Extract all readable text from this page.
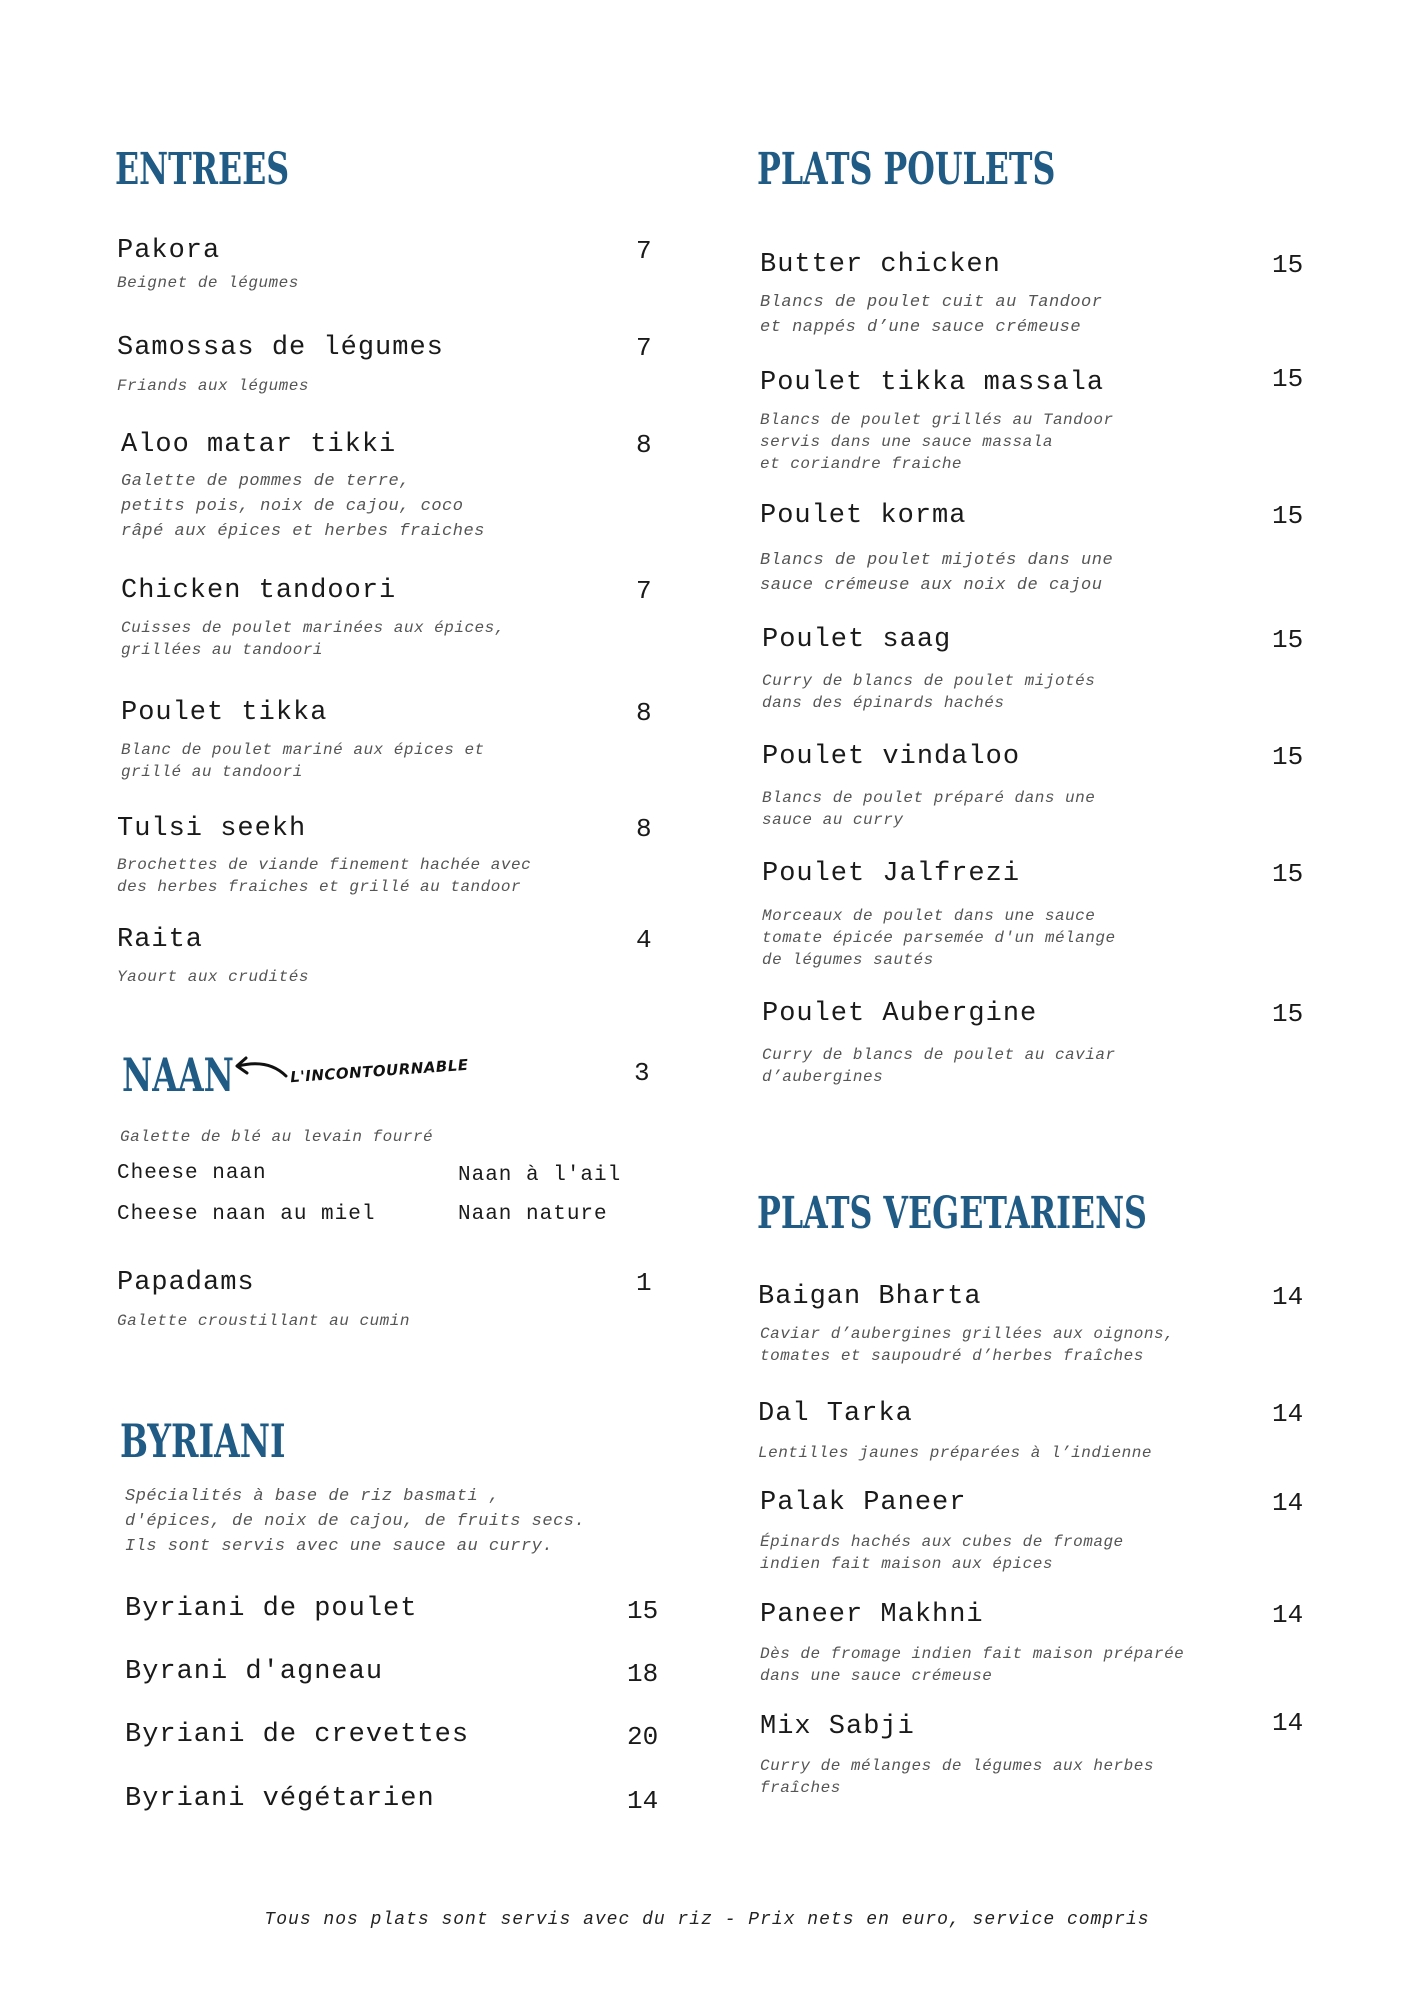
ENTREES
Pakora	7
Beignet de légumes
Samossas de légumes	7
Friands aux légumes
Aloo matar tikki	8
Galette de pommes de terre,
petits pois, noix de cajou, coco
râpé aux épices et herbes fraiches
Chicken tandoori	7
Cuisses de poulet marinées aux épices,
grillées au tandoori
Poulet tikka	8
Blanc de poulet mariné aux épices et
grillé au tandoori
Tulsi seekh	8
Brochettes de viande finement hachée avec
des herbes fraiches et grillé au tandoor
Raita	4
Yaourt aux crudités
NAAN	L'INCONTOURNABLE	3
Galette de blé au levain fourré
Cheese naan	Naan à l'ail
Cheese naan au miel	Naan nature
Papadams	1
Galette croustillant au cumin
BYRIANI
Spécialités à base de riz basmati ,
d'épices, de noix de cajou, de fruits secs.
Ils sont servis avec une sauce au curry.
Byriani de poulet	15
Byrani d'agneau	18
Byriani de crevettes	20
Byriani végétarien	14
PLATS POULETS
Butter chicken	15
Blancs de poulet cuit au Tandoor
et nappés d’une sauce crémeuse
Poulet tikka massala	15
Blancs de poulet grillés au Tandoor
servis dans une sauce massala
et coriandre fraiche
Poulet korma	15
Blancs de poulet mijotés dans une
sauce crémeuse aux noix de cajou
Poulet saag	15
Curry de blancs de poulet mijotés
dans des épinards hachés
Poulet vindaloo	15
Blancs de poulet préparé dans une
sauce au curry
Poulet Jalfrezi	15
Morceaux de poulet dans une sauce
tomate épicée parsemée d'un mélange
de légumes sautés
Poulet Aubergine	15
Curry de blancs de poulet au caviar
d’aubergines
PLATS VEGETARIENS
Baigan Bharta	14
Caviar d’aubergines grillées aux oignons,
tomates et saupoudré d’herbes fraîches
Dal Tarka	14
Lentilles jaunes préparées à l’indienne
Palak Paneer	14
Épinards hachés aux cubes de fromage
indien fait maison aux épices
Paneer Makhni	14
Dès de fromage indien fait maison préparée
dans une sauce crémeuse
Mix Sabji	14
Curry de mélanges de légumes aux herbes
fraîches
Tous nos plats sont servis avec du riz - Prix nets en euro, service compris
